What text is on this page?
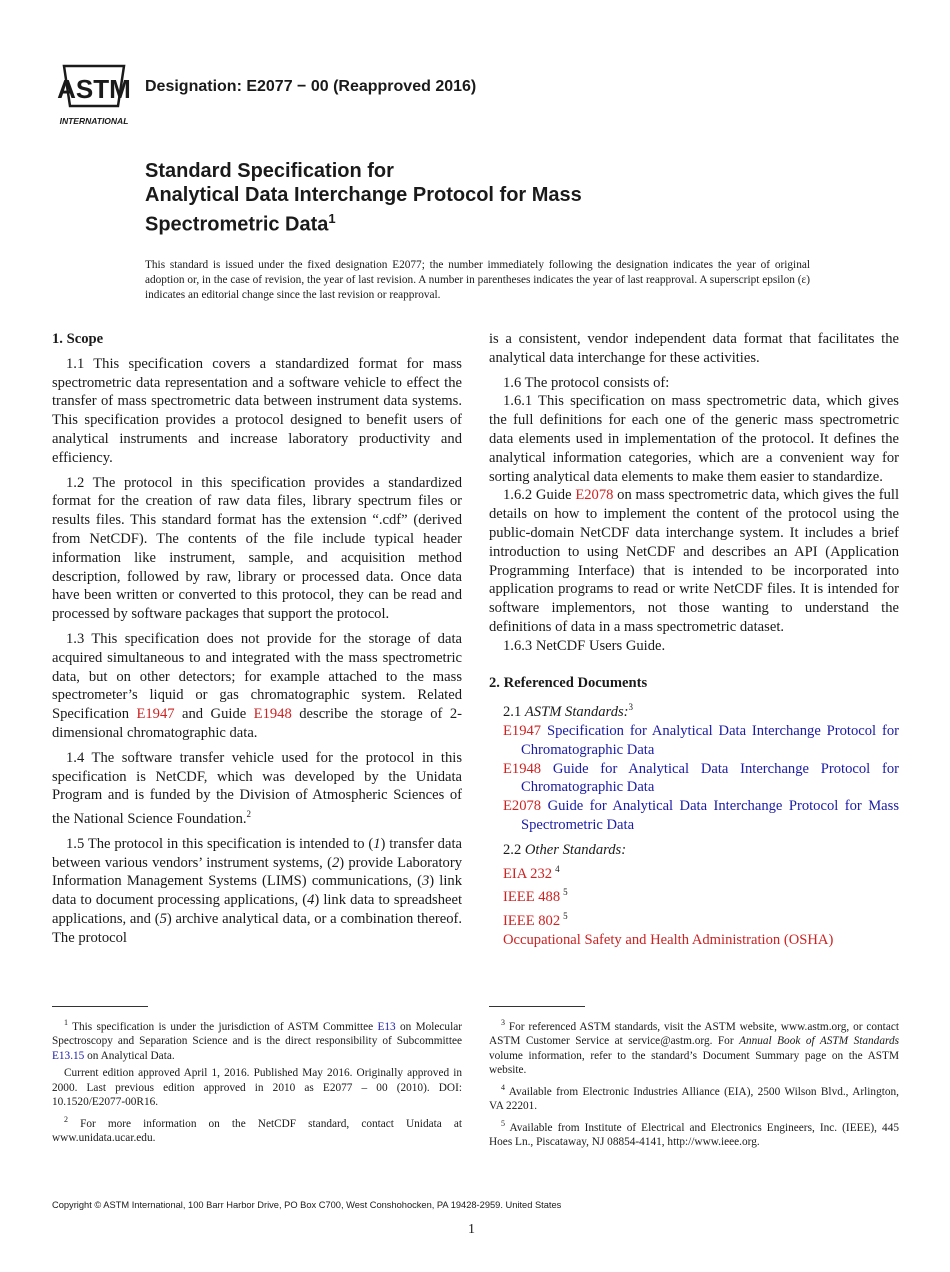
ASTM
INTERNATIONAL
Designation: E2077 − 00 (Reapproved 2016)
Standard Specification for
Analytical Data Interchange Protocol for Mass
Spectrometric Data$^1$
This standard is issued under the fixed designation E2077; the number immediately following the designation indicates the year of original adoption or, in the case of revision, the year of last revision. A number in parentheses indicates the year of last reapproval. A superscript epsilon (ε) indicates an editorial change since the last revision or reapproval.

1. Scope

1.1 This specification covers a standardized format for mass spectrometric data representation and a software vehicle to effect the transfer of mass spectrometric data between instrument data systems. This specification provides a protocol designed to benefit users of analytical instruments and increase laboratory productivity and efficiency.

1.2 The protocol in this specification provides a standardized format for the creation of raw data files, library spectrum files or results files. This standard format has the extension “.cdf” (derived from NetCDF). The contents of the file include typical header information like instrument, sample, and acquisition method description, followed by raw, library or processed data. Once data have been written or converted to this protocol, they can be read and processed by software packages that support the protocol.

1.3 This specification does not provide for the storage of data acquired simultaneous to and integrated with the mass spectrometric data, but on other detectors; for example attached to the mass spectrometer’s liquid or gas chromatographic system. Related Specification E1947 and Guide E1948 describe the storage of 2-dimensional chromatographic data.

1.4 The software transfer vehicle used for the protocol in this specification is NetCDF, which was developed by the Unidata Program and is funded by the Division of Atmospheric Sciences of the National Science Foundation.$^2$

1.5 The protocol in this specification is intended to (1) transfer data between various vendors’ instrument systems, (2) provide Laboratory Information Management Systems (LIMS) communications, (3) link data to document processing applications, (4) link data to spreadsheet applications, and (5) archive analytical data, or a combination thereof. The protocol

is a consistent, vendor independent data format that facilitates the analytical data interchange for these activities.

1.6 The protocol consists of:

1.6.1 This specification on mass spectrometric data, which gives the full definitions for each one of the generic mass spectrometric data elements used in implementation of the protocol. It defines the analytical information categories, which are a convenient way for sorting analytical data elements to make them easier to standardize.

1.6.2 Guide E2078 on mass spectrometric data, which gives the full details on how to implement the content of the protocol using the public-domain NetCDF data interchange system. It includes a brief introduction to using NetCDF and describes an API (Application Programming Interface) that is intended to be incorporated into application programs to read or write NetCDF files. It is intended for software implementors, not those wanting to understand the definitions of data in a mass spectrometric dataset.

1.6.3 NetCDF Users Guide.

2. Referenced Documents

2.1 ASTM Standards:$^3$

E1947 Specification for Analytical Data Interchange Protocol for Chromatographic Data

E1948 Guide for Analytical Data Interchange Protocol for Chromatographic Data

E2078 Guide for Analytical Data Interchange Protocol for Mass Spectrometric Data

2.2 Other Standards:

EIA 232 $^4$

IEEE 488 $^5$

IEEE 802 $^5$

Occupational Safety and Health Administration (OSHA)

$^1$ This specification is under the jurisdiction of ASTM Committee E13 on Molecular Spectroscopy and Separation Science and is the direct responsibility of Subcommittee E13.15 on Analytical Data.

Current edition approved April 1, 2016. Published May 2016. Originally approved in 2000. Last previous edition approved in 2010 as E2077 – 00 (2010). DOI: 10.1520/E2077-00R16.

$^2$ For more information on the NetCDF standard, contact Unidata at www.unidata.ucar.edu.

$^3$ For referenced ASTM standards, visit the ASTM website, www.astm.org, or contact ASTM Customer Service at service@astm.org. For Annual Book of ASTM Standards volume information, refer to the standard’s Document Summary page on the ASTM website.

$^4$ Available from Electronic Industries Alliance (EIA), 2500 Wilson Blvd., Arlington, VA 22201.

$^5$ Available from Institute of Electrical and Electronics Engineers, Inc. (IEEE), 445 Hoes Ln., Piscataway, NJ 08854-4141, http://www.ieee.org.

Copyright © ASTM International, 100 Barr Harbor Drive, PO Box C700, West Conshohocken, PA 19428-2959. United States
1
